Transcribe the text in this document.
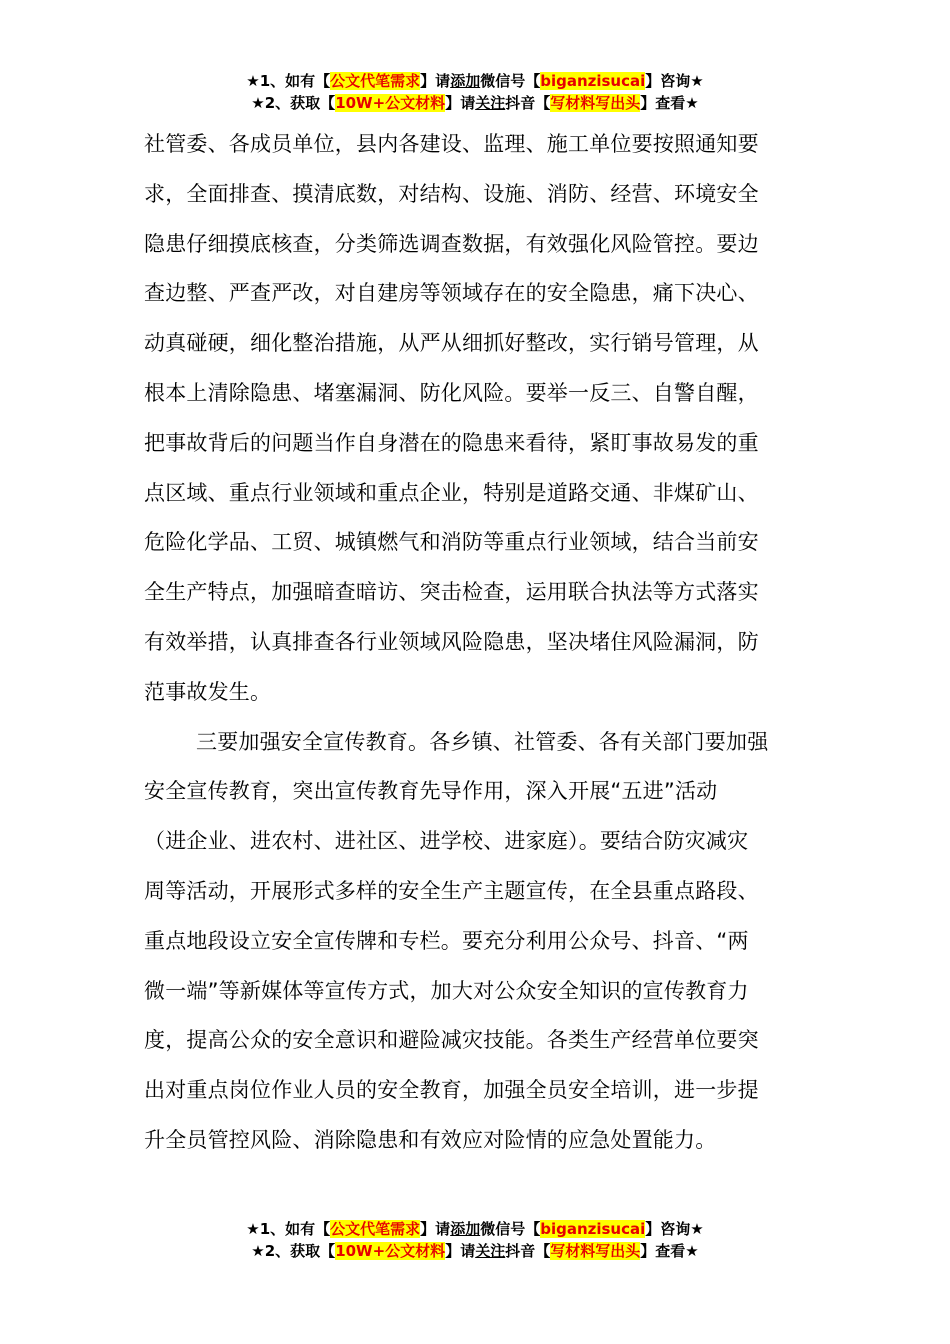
★1、如有【公文代笔需求】请添加微信号【biganzisucai】咨询★
★2、获取【10W+公文材料】请关注抖音【写材料写出头】查看★
社管委、各成员单位，县内各建设、监理、施工单位要按照通知要
求，全面排查、摸清底数，对结构、设施、消防、经营、环境安全
隐患仔细摸底核查，分类筛选调查数据，有效强化风险管控。要边
查边整、严查严改，对自建房等领域存在的安全隐患，痛下决心、
动真碰硬，细化整治措施，从严从细抓好整改，实行销号管理，从
根本上清除隐患、堵塞漏洞、防化风险。要举一反三、自警自醒，
把事故背后的问题当作自身潜在的隐患来看待，紧盯事故易发的重
点区域、重点行业领域和重点企业，特别是道路交通、非煤矿山、
危险化学品、工贸、城镇燃气和消防等重点行业领域，结合当前安
全生产特点，加强暗查暗访、突击检查，运用联合执法等方式落实
有效举措，认真排查各行业领域风险隐患，坚决堵住风险漏洞，防
范事故发生。
三要加强安全宣传教育。各乡镇、社管委、各有关部门要加强
安全宣传教育，突出宣传教育先导作用，深入开展“五进”活动
（进企业、进农村、进社区、进学校、进家庭）。要结合防灾减灾
周等活动，开展形式多样的安全生产主题宣传，在全县重点路段、
重点地段设立安全宣传牌和专栏。要充分利用公众号、抖音、“两
微一端”等新媒体等宣传方式，加大对公众安全知识的宣传教育力
度，提高公众的安全意识和避险减灾技能。各类生产经营单位要突
出对重点岗位作业人员的安全教育，加强全员安全培训，进一步提
升全员管控风险、消除隐患和有效应对险情的应急处置能力。
★1、如有【公文代笔需求】请添加微信号【biganzisucai】咨询★
★2、获取【10W+公文材料】请关注抖音【写材料写出头】查看★
